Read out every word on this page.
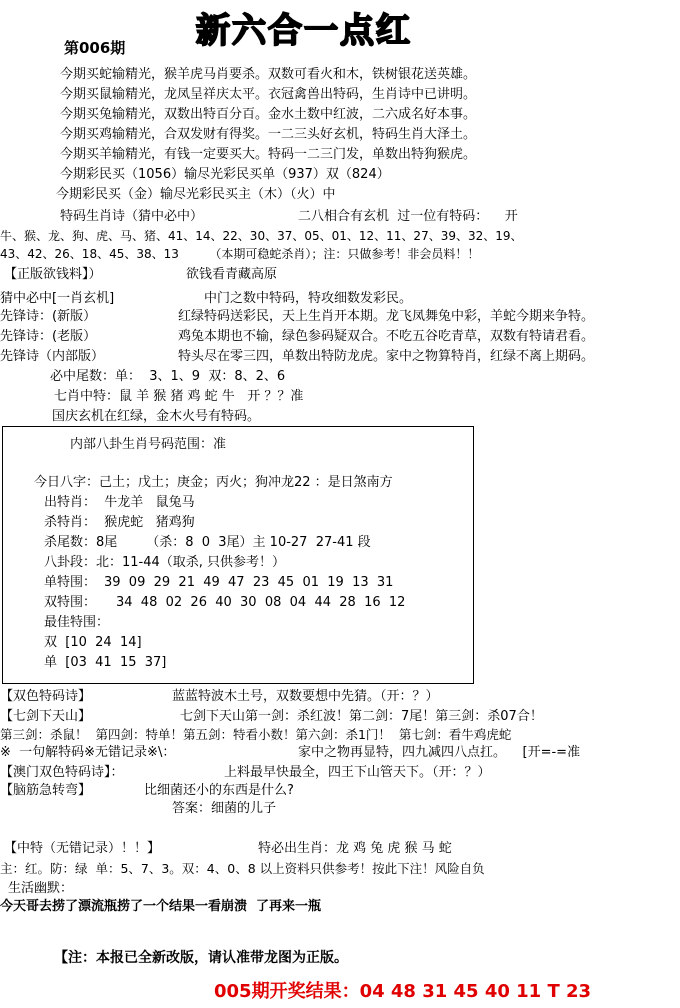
第006期 新六合一点红
今期买蛇输精光，猴羊虎马肖要杀。双数可看火和木，铁树银花送英雄。
今期买鼠输精光，龙凤呈祥庆太平。衣冠禽兽出特码，生肖诗中已讲明。
今期买兔输精光，双数出特百分百。金水土数中红波，二六成名好本事。
今期买鸡输精光，合双发财有得奖。一二三头好玄机，特码生肖大泽土。
今期买羊输精光，有钱一定要买大。特码一二三门发，单数出特狗猴虎。
今期彩民买（1056）输尽光彩民买单（937）双（824）
今期彩民买（金）输尽光彩民买主（木）（火）中
特码生肖诗（猜中必中）	二八相合有玄机  过一位有特码：    开
牛、猴、龙、狗、虎、马、猪、41、14、22、30、37、05、01、12、11、27、39、32、19、
43、42、26、18、45、38、13        （本期可稳蛇杀肖）；注：只做参考！非会员料！！
【正版欲钱料】）	欲钱看青藏高原
猜中必中[一肖玄机]	中门之数中特码，特攻细数发彩民。
先锋诗：(新版）	红绿特码送彩民，天上生肖开本期。龙飞凤舞兔中彩，羊蛇今期来争特。
先锋诗：(老版）	鸡兔本期也不输，绿色参码疑双合。不吃五谷吃青草，双数有特请君看。
先锋诗（内部版）	特头尽在零三四，单数出特防龙虎。家中之物算特肖，红绿不离上期码。
必中尾数：单：  3、1、9  双：8、2、6
七肖中特：鼠 羊 猴 猪 鸡 蛇 牛   开 ？？准
国庆玄机在红绿，金木火号有特码。
内部八卦生肖号码范围：准
今日八字：己土；戊土；庚金；丙火；狗冲龙22 ：是日煞南方
出特肖：  牛龙羊   鼠兔马
杀特肖：  猴虎蛇   猪鸡狗
杀尾数：8尾       （杀：8  0  3尾）主 10-27  27-41 段
八卦段：北：11-44（取杀, 只供参考！）
单特围： 39  09  29  21  49  47  23  45  01  19  13  31
双特围： 34  48  02  26  40  30  08  04  44  28  16  12
最佳特围：
双  [10  24  14]
单  [03  41  15  37]
【双色特码诗】	蓝蓝特波木土号，双数要想中先猜。（开：？）
【七剑下天山】	七剑下天山第一剑：杀红波！第二剑：7尾！第三剑：杀07合！
第三剑：杀鼠！  第四剑：特单！第五剑：特看小数！第六剑：杀1门！  第七剑：看牛鸡虎蛇
※  一句解特码※无错记录※\：	家中之物再显特，四九减四八点扛。    [开=-=准
【澳门双色特码诗】：	上料最早快最全，四王下山管天下。（开：？）
【脑筋急转弯】	比细菌还小的东西是什么?
答案：细菌的儿子
【中特（无错记录）！！】	特必出生肖：龙 鸡 兔 虎 猴 马 蛇
主：红。防：绿  单：5、7、3。双：4、0、8 以上资料只供参考！按此下注！风险自负
生活幽默：
今天哥去捞了漂流瓶捞了一个结果一看崩溃  了再来一瓶
【注：本报已全新改版，请认准带龙图为正版。
005期开奖结果：04 48 31 45 40 11 T 23
